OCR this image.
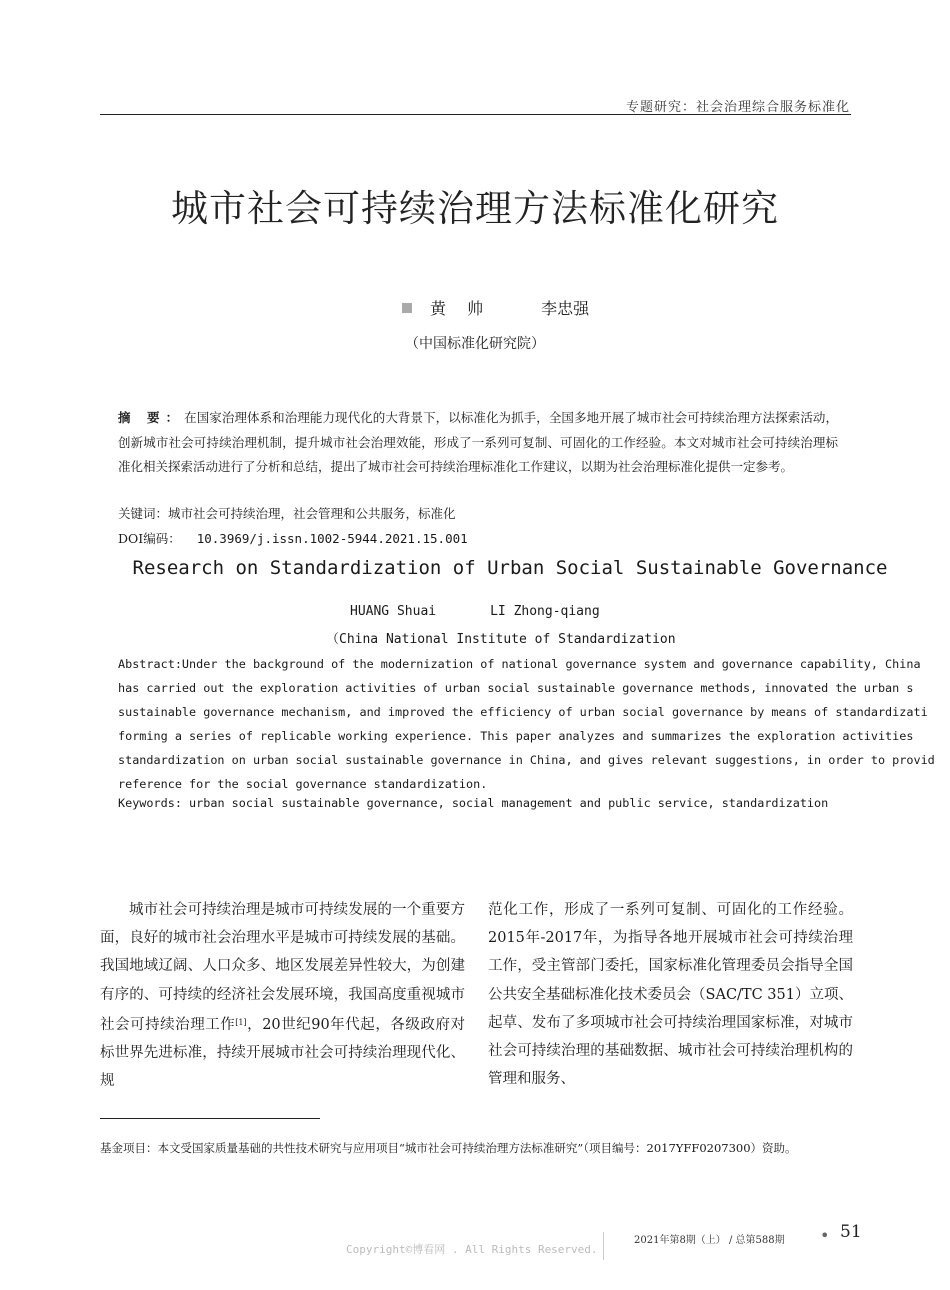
专题研究：社会治理综合服务标准化
城市社会可持续治理方法标准化研究
黄 帅	李忠强
（中国标准化研究院）
摘 要：在国家治理体系和治理能力现代化的大背景下，以标准化为抓手，全国多地开展了城市社会可持续治理方法探索活动，创新城市社会可持续治理机制，提升城市社会治理效能，形成了一系列可复制、可固化的工作经验。本文对城市社会可持续治理标准化相关探索活动进行了分析和总结，提出了城市社会可持续治理标准化工作建议，以期为社会治理标准化提供一定参考。
关键词：城市社会可持续治理，社会管理和公共服务，标准化
DOI编码： 10.3969/j.issn.1002-5944.2021.15.001
Research on Standardization of Urban Social Sustainable Governance
HUANG Shuai	LI Zhong-qiang
（China National Institute of Standardization
Abstract:Under the background of the modernization of national governance system and governance capability, China
has carried out the exploration activities of urban social sustainable governance methods, innovated the urban s
sustainable governance mechanism, and improved the efficiency of urban social governance by means of standardizati
forming a series of replicable working experience. This paper analyzes and summarizes the exploration activities
standardization on urban social sustainable governance in China, and gives relevant suggestions, in order to provid
reference for the social governance standardization.
Keywords: urban social sustainable governance, social management and public service, standardization
城市社会可持续治理是城市可持续发展的一个重要方面，良好的城市社会治理水平是城市可持续发展的基础。我国地域辽阔、人口众多、地区发展差异性较大，为创建有序的、可持续的经济社会发展环境，我国高度重视城市社会可持续治理工作[1]，20世纪90年代起，各级政府对标世界先进标准，持续开展城市社会可持续治理现代化、规
范化工作，形成了一系列可复制、可固化的工作经验。2015年-2017年，为指导各地开展城市社会可持续治理工作，受主管部门委托，国家标准化管理委员会指导全国公共安全基础标准化技术委员会（SAC/TC 351）立项、起草、发布了多项城市社会可持续治理国家标准，对城市社会可持续治理的基础数据、城市社会可持续治理机构的管理和服务、
基金项目：本文受国家质量基础的共性技术研究与应用项目“城市社会可持续治理方法标准研究”（项目编号：2017YFF0207300）资助。
Copyright©博看网 . All Rights Reserved.
2021年第8期（上） / 总第588期 • 51
